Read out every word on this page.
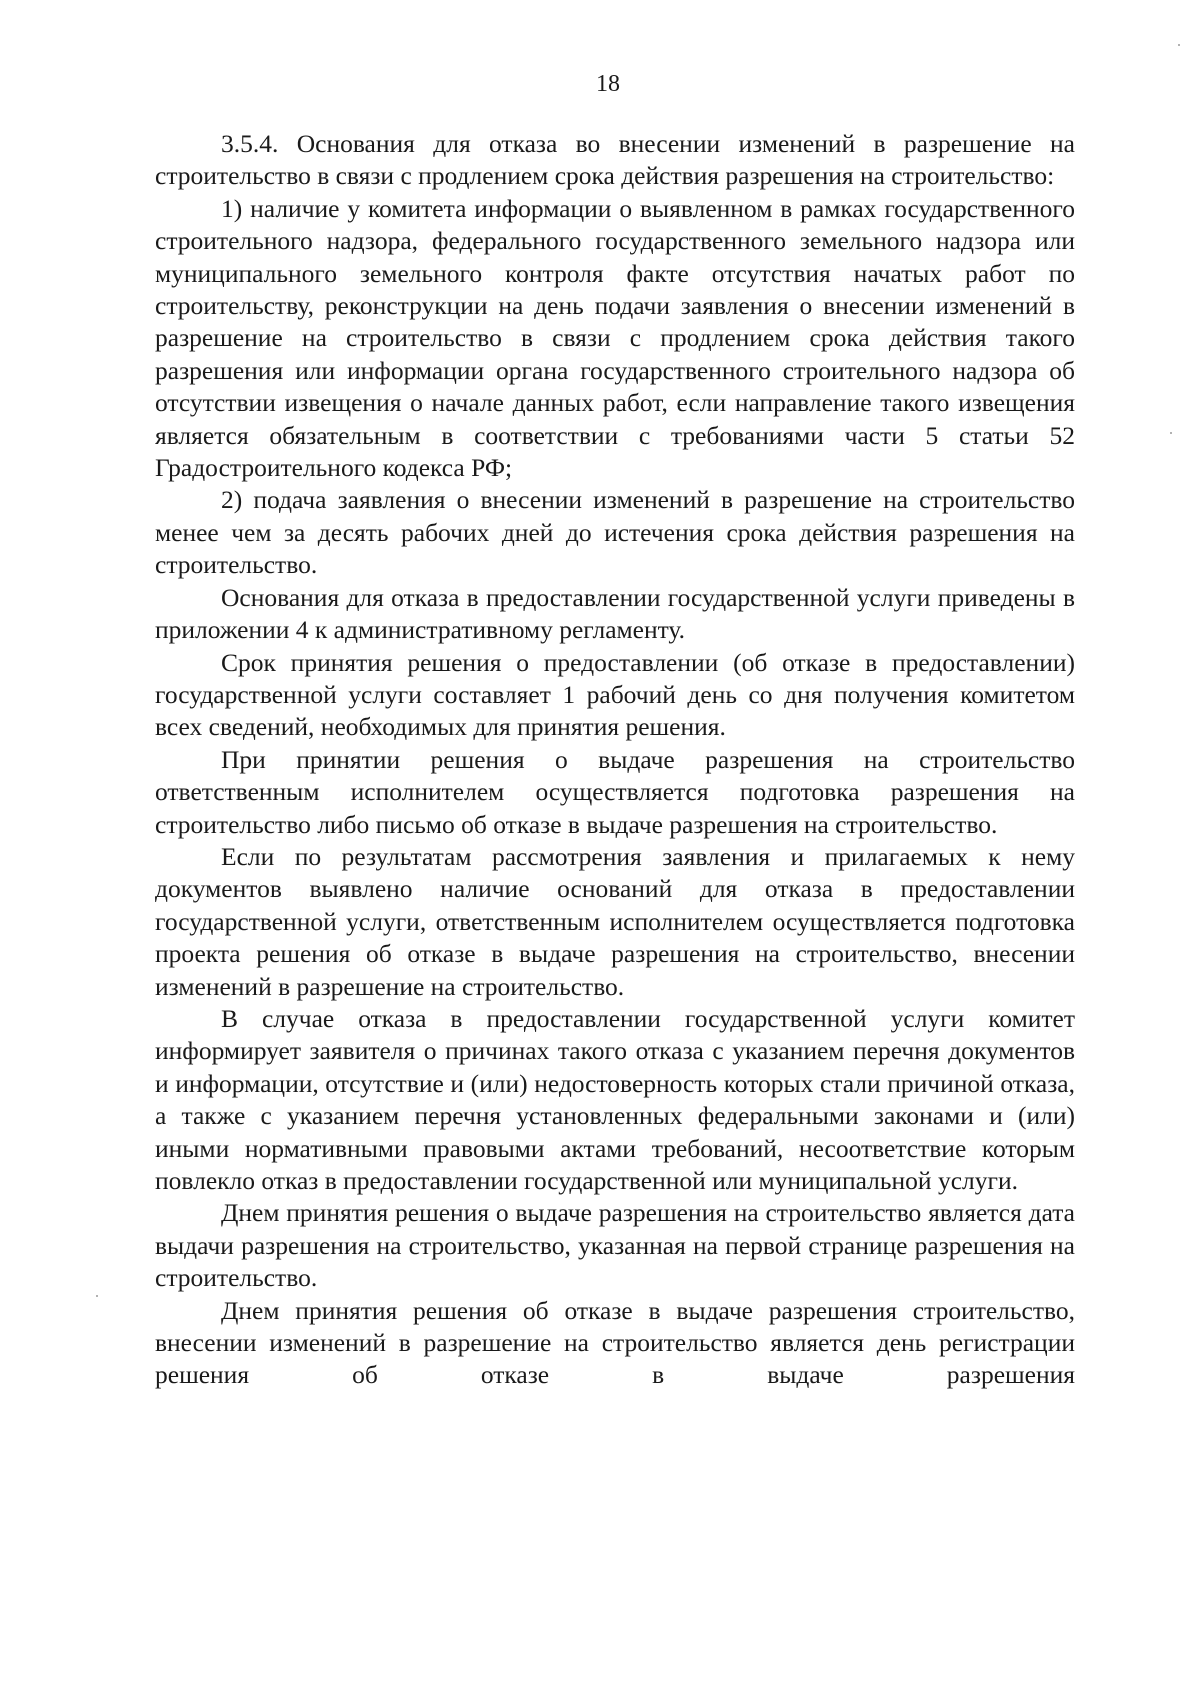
18

3.5.4. Основания для отказа во внесении изменений в разрешение на строительство в связи с продлением срока действия разрешения на строительство:

1) наличие у комитета информации о выявленном в рамках государственного строительного надзора, федерального государственного земельного надзора или муниципального земельного контроля факте отсутствия начатых работ по строительству, реконструкции на день подачи заявления о внесении изменений в разрешение на строительство в связи с продлением срока действия такого разрешения или информации органа государственного строительного надзора об отсутствии извещения о начале данных работ, если направление такого извещения является обязательным в соответствии с требованиями части 5 статьи 52 Градостроительного кодекса РФ;

2) подача заявления о внесении изменений в разрешение на строительство менее чем за десять рабочих дней до истечения срока действия разрешения на строительство.

Основания для отказа в предоставлении государственной услуги приведены в приложении 4 к административному регламенту.

Срок принятия решения о предоставлении (об отказе в предоставлении) государственной услуги составляет 1 рабочий день со дня получения комитетом всех сведений, необходимых для принятия решения.

При принятии решения о выдаче разрешения на строительство ответственным исполнителем осуществляется подготовка разрешения на строительство либо письмо об отказе в выдаче разрешения на строительство.

Если по результатам рассмотрения заявления и прилагаемых к нему документов выявлено наличие оснований для отказа в предоставлении государственной услуги, ответственным исполнителем осуществляется подготовка проекта решения об отказе в выдаче разрешения на строительство, внесении изменений в разрешение на строительство.

В случае отказа в предоставлении государственной услуги комитет информирует заявителя о причинах такого отказа с указанием перечня документов и информации, отсутствие и (или) недостоверность которых стали причиной отказа, а также с указанием перечня установленных федеральными законами и (или) иными нормативными правовыми актами требований, несоответствие которым повлекло отказ в предоставлении государственной или муниципальной услуги.

Днем принятия решения о выдаче разрешения на строительство является дата выдачи разрешения на строительство, указанная на первой странице разрешения на строительство.

Днем принятия решения об отказе в выдаче разрешения строительство, внесении изменений в разрешение на строительство является день регистрации решения об отказе в выдаче разрешения
